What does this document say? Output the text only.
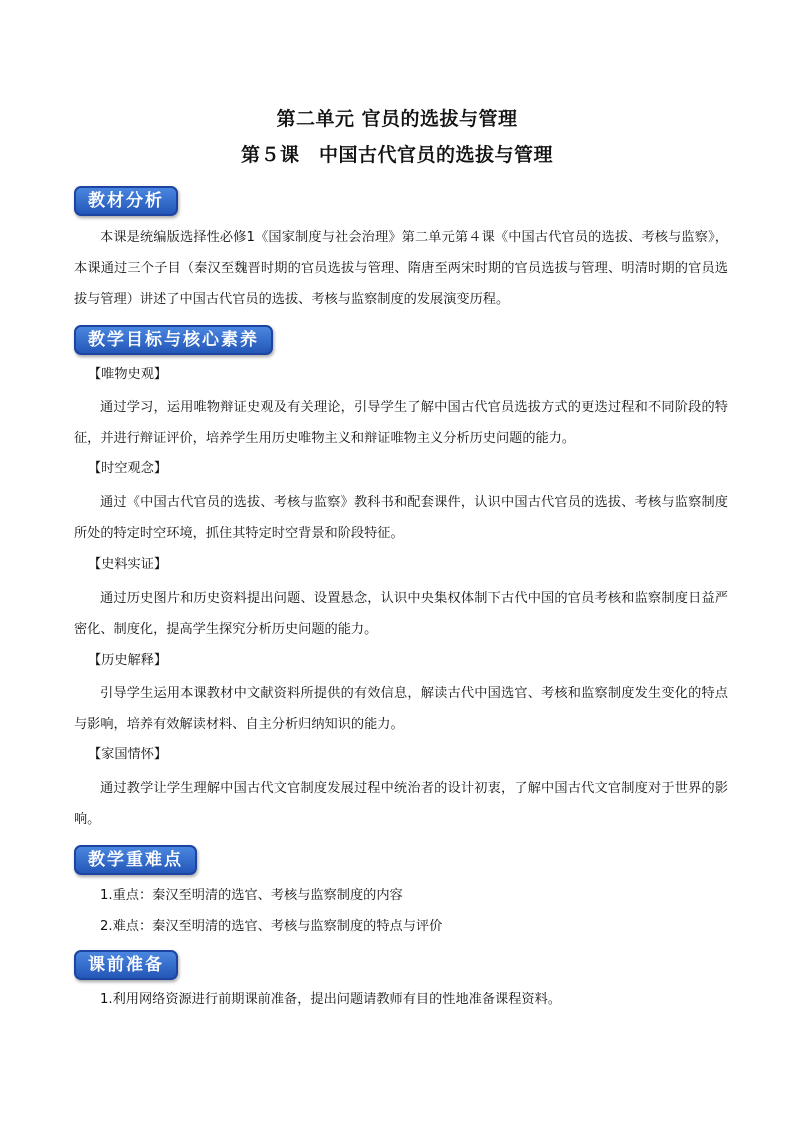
第二单元 官员的选拔与管理
第５课　中国古代官员的选拔与管理
教材分析
本课是统编版选择性必修1《国家制度与社会治理》第二单元第４课《中国古代官员的选拔、考核与监察》，本课通过三个子目（秦汉至魏晋时期的官员选拔与管理、隋唐至两宋时期的官员选拔与管理、明清时期的官员选拔与管理）讲述了中国古代官员的选拔、考核与监察制度的发展演变历程。
教学目标与核心素养
【唯物史观】
通过学习，运用唯物辩证史观及有关理论，引导学生了解中国古代官员选拔方式的更迭过程和不同阶段的特征，并进行辩证评价，培养学生用历史唯物主义和辩证唯物主义分析历史问题的能力。
【时空观念】
通过《中国古代官员的选拔、考核与监察》教科书和配套课件，认识中国古代官员的选拔、考核与监察制度所处的特定时空环境，抓住其特定时空背景和阶段特征。
【史料实证】
通过历史图片和历史资料提出问题、设置悬念，认识中央集权体制下古代中国的官员考核和监察制度日益严密化、制度化，提高学生探究分析历史问题的能力。
【历史解释】
引导学生运用本课教材中文献资料所提供的有效信息，解读古代中国选官、考核和监察制度发生变化的特点与影响，培养有效解读材料、自主分析归纳知识的能力。
【家国情怀】
通过教学让学生理解中国古代文官制度发展过程中统治者的设计初衷，了解中国古代文官制度对于世界的影响。
教学重难点
1.重点：秦汉至明清的选官、考核与监察制度的内容
2.难点：秦汉至明清的选官、考核与监察制度的特点与评价
课前准备
1.利用网络资源进行前期课前准备，提出问题请教师有目的性地准备课程资料。
